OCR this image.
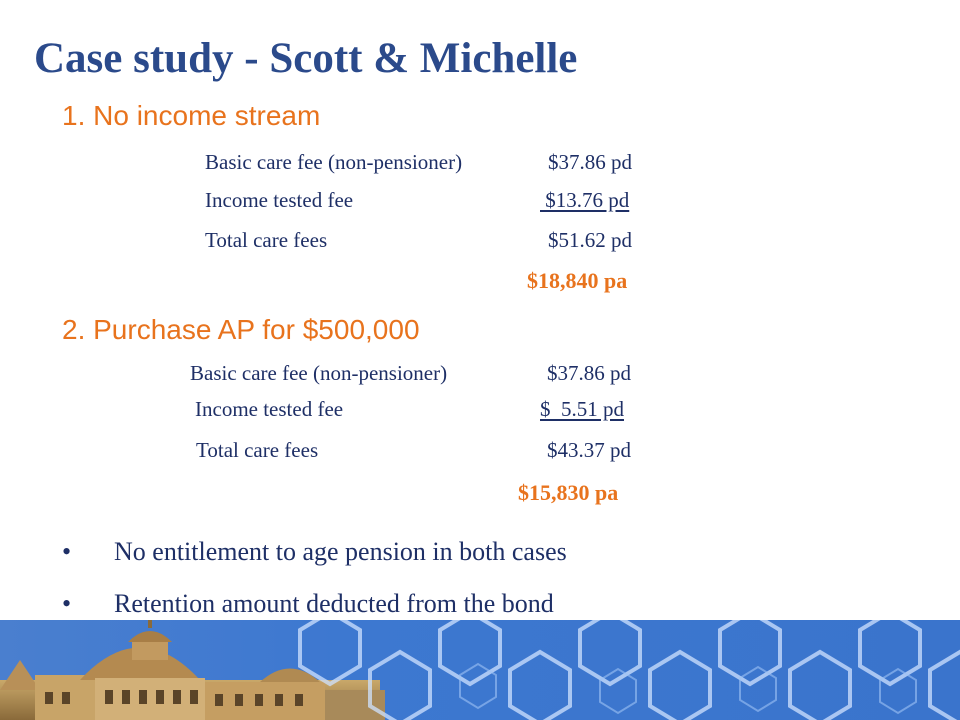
Case study - Scott & Michelle
1. No income stream
Basic care fee (non-pensioner)	$37.86 pd
Income tested fee	$13.76 pd
Total care fees	$51.62 pd
$18,840 pa
2. Purchase AP for $500,000
Basic care fee (non-pensioner)	$37.86 pd
Income tested fee	$  5.51 pd
Total care fees	$43.37 pd
$15,830 pa
• No entitlement to age pension in both cases
• Retention amount deducted from the bond
